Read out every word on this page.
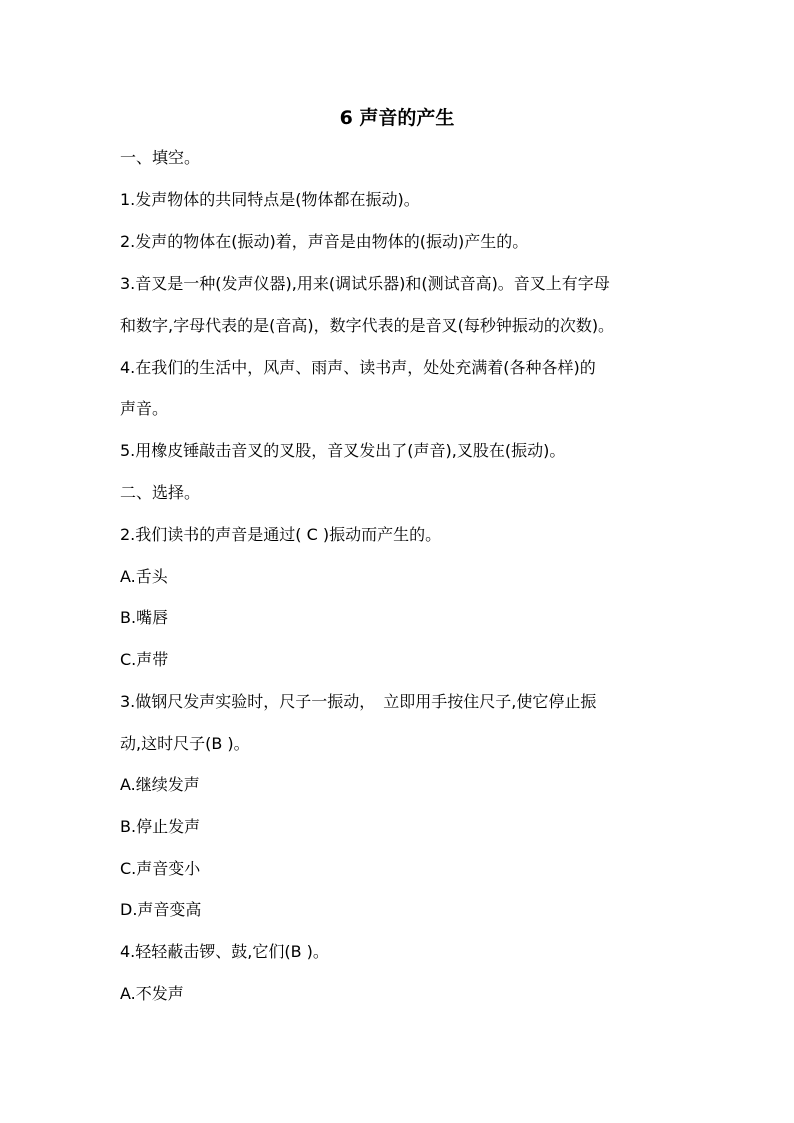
6 声音的产生

一、填空。

1.发声物体的共同特点是(物体都在振动)。

2.发声的物体在(振动)着，声音是由物体的(振动)产生的。

3.音叉是一种(发声仪器),用来(调试乐器)和(测试音高)。音叉上有字母

和数字,字母代表的是(音高)，数字代表的是音叉(每秒钟振动的次数)。

4.在我们的生活中，风声、雨声、读书声，处处充满着(各种各样)的

声音。

5.用橡皮锤敲击音叉的叉股，音叉发出了(声音),叉股在(振动)。

二、选择。

2.我们读书的声音是通过( C )振动而产生的。

A.舌头

B.嘴唇

C.声带

3.做钢尺发声实验时，尺子一振动，　立即用手按住尺子,使它停止振

动,这时尺子(B )。

A.继续发声

B.停止发声

C.声音变小

D.声音变高

4.轻轻蔽击锣、鼓,它们(B )。

A.不发声
